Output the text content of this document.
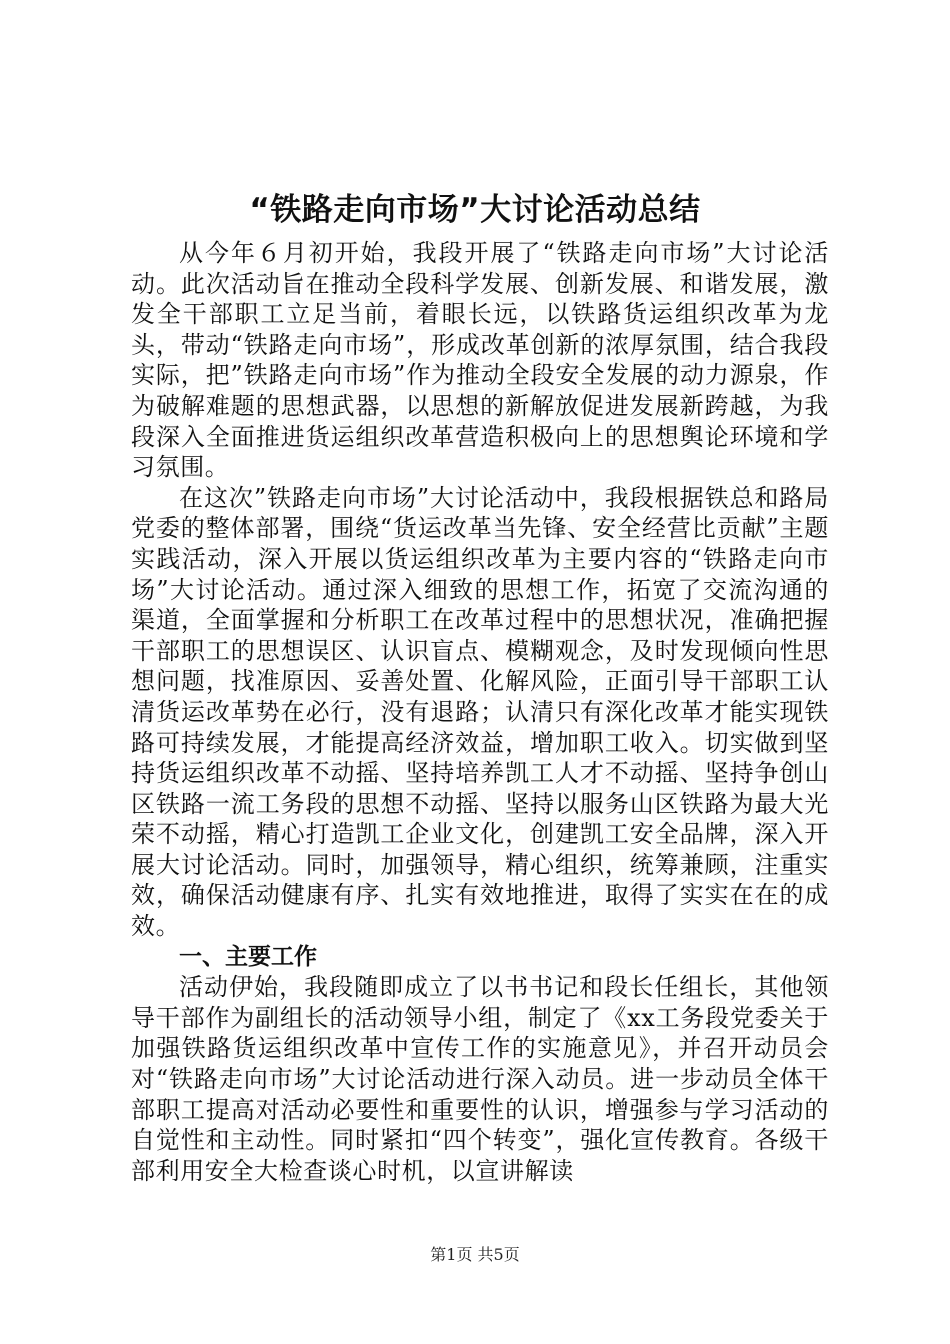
“铁路走向市场”大讨论活动总结

从今年６月初开始，我段开展了“铁路走向市场”大讨论活动。此次活动旨在推动全段科学发展、创新发展、和谐发展，激发全干部职工立足当前，着眼长远，以铁路货运组织改革为龙头，带动“铁路走向市场”，形成改革创新的浓厚氛围，结合我段实际，把”铁路走向市场”作为推动全段安全发展的动力源泉，作为破解难题的思想武器，以思想的新解放促进发展新跨越，为我段深入全面推进货运组织改革营造积极向上的思想舆论环境和学习氛围。

在这次”铁路走向市场”大讨论活动中，我段根据铁总和路局党委的整体部署，围绕“货运改革当先锋、安全经营比贡献”主题实践活动，深入开展以货运组织改革为主要内容的“铁路走向市场”大讨论活动。通过深入细致的思想工作，拓宽了交流沟通的渠道，全面掌握和分析职工在改革过程中的思想状况，准确把握干部职工的思想误区、认识盲点、模糊观念，及时发现倾向性思想问题，找准原因、妥善处置、化解风险，正面引导干部职工认清货运改革势在必行，没有退路；认清只有深化改革才能实现铁路可持续发展，才能提高经济效益，增加职工收入。切实做到坚持货运组织改革不动摇、坚持培养凯工人才不动摇、坚持争创山区铁路一流工务段的思想不动摇、坚持以服务山区铁路为最大光荣不动摇，精心打造凯工企业文化，创建凯工安全品牌，深入开展大讨论活动。同时，加强领导，精心组织，统筹兼顾，注重实效，确保活动健康有序、扎实有效地推进，取得了实实在在的成效。

一、主要工作

活动伊始，我段随即成立了以书书记和段长任组长，其他领导干部作为副组长的活动领导小组，制定了《xx工务段党委关于加强铁路货运组织改革中宣传工作的实施意见》，并召开动员会对“铁路走向市场”大讨论活动进行深入动员。进一步动员全体干部职工提高对活动必要性和重要性的认识，增强参与学习活动的自觉性和主动性。同时紧扣“四个转变”，强化宣传教育。各级干部利用安全大检查谈心时机，以宣讲解读

第1页 共5页
